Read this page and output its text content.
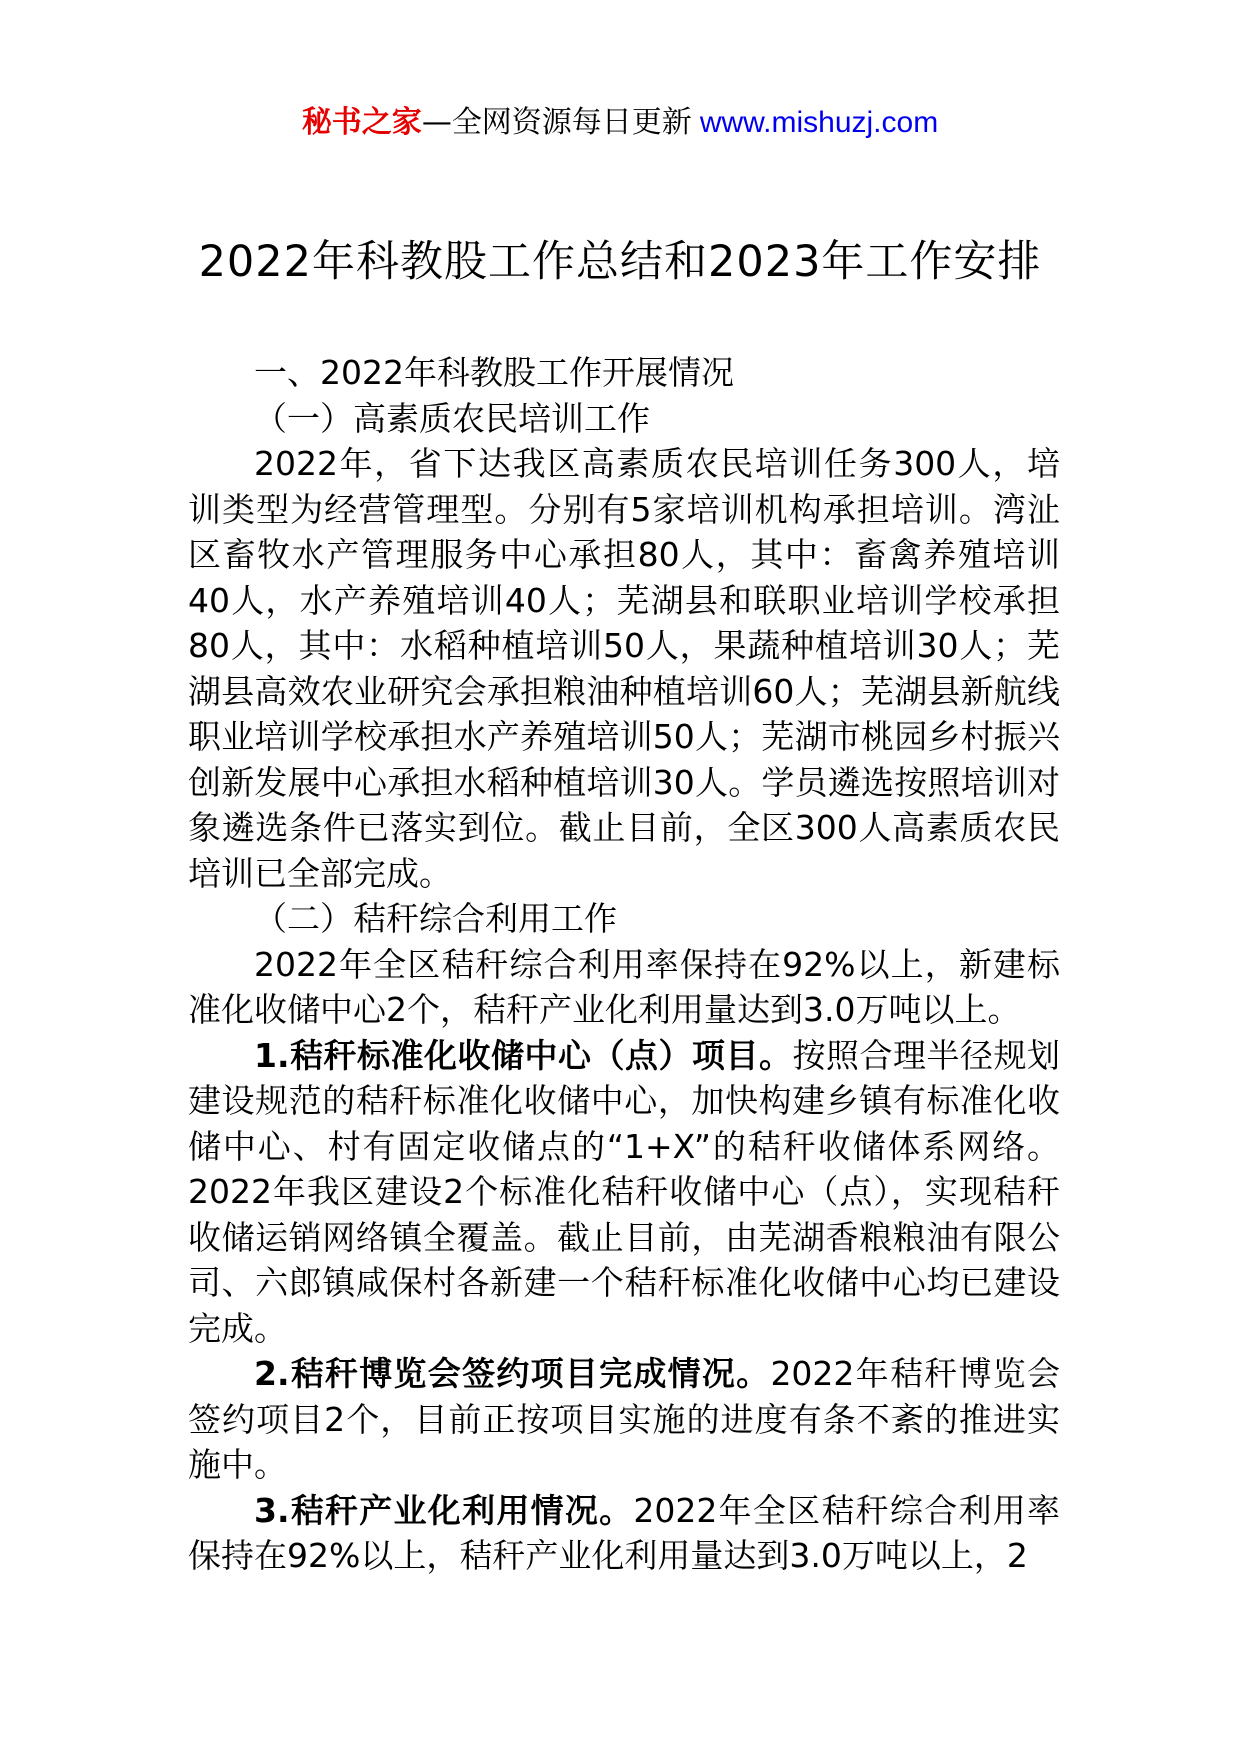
秘书之家—全网资源每日更新 www.mishuzj.com
2022年科教股工作总结和2023年工作安排

一、2022年科教股工作开展情况

（一）高素质农民培训工作

2022年，省下达我区高素质农民培训任务300人，培训类型为经营管理型。分别有5家培训机构承担培训。湾沚区畜牧水产管理服务中心承担80人，其中：畜禽养殖培训40人，水产养殖培训40人；芜湖县和联职业培训学校承担80人，其中：水稻种植培训50人，果蔬种植培训30人；芜湖县高效农业研究会承担粮油种植培训60人；芜湖县新航线职业培训学校承担水产养殖培训50人；芜湖市桃园乡村振兴创新发展中心承担水稻种植培训30人。学员遴选按照培训对象遴选条件已落实到位。截止目前，全区300人高素质农民培训已全部完成。

（二）秸秆综合利用工作

2022年全区秸秆综合利用率保持在92%以上，新建标准化收储中心2个，秸秆产业化利用量达到3.0万吨以上。

1.秸秆标准化收储中心（点）项目。按照合理半径规划建设规范的秸秆标准化收储中心，加快构建乡镇有标准化收储中心、村有固定收储点的“1+X”的秸秆收储体系网络。2022年我区建设2个标准化秸秆收储中心（点），实现秸秆收储运销网络镇全覆盖。截止目前，由芜湖香粮粮油有限公司、六郎镇咸保村各新建一个秸秆标准化收储中心均已建设完成。

2.秸秆博览会签约项目完成情况。2022年秸秆博览会签约项目2个，目前正按项目实施的进度有条不紊的推进实施中。

3.秸秆产业化利用情况。2022年全区秸秆综合利用率保持在92%以上，秸秆产业化利用量达到3.0万吨以上，2
